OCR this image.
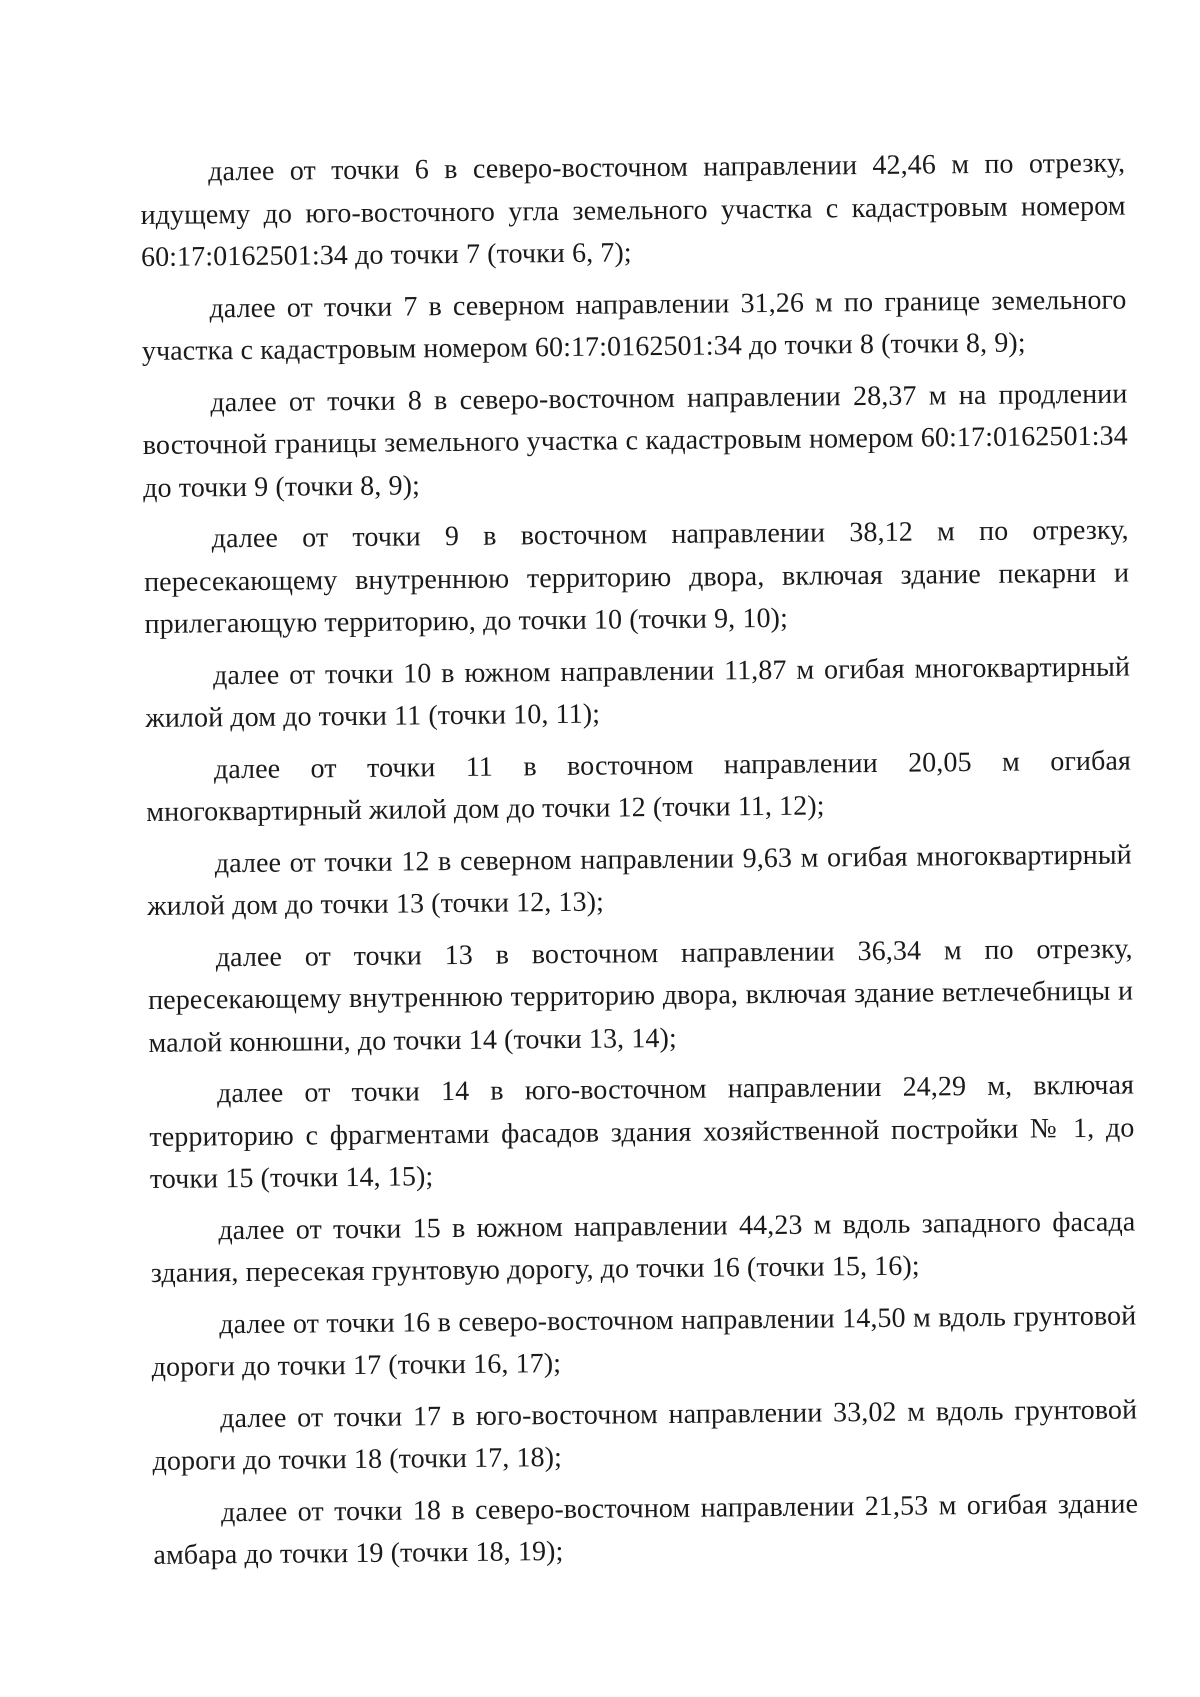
далее от точки 6 в северо-восточном направлении 42,46 м по отрезку, идущему до юго-восточного угла земельного участка с кадастровым номером 60:17:0162501:34 до точки 7 (точки 6, 7);

далее от точки 7 в северном направлении 31,26 м по границе земельного участка с кадастровым номером 60:17:0162501:34 до точки 8 (точки 8, 9);

далее от точки 8 в северо-восточном направлении 28,37 м на продлении восточной границы земельного участка с кадастровым номером 60:17:0162501:34 до точки 9 (точки 8, 9);

далее от точки 9 в восточном направлении 38,12 м по отрезку, пересекающему внутреннюю территорию двора, включая здание пекарни и прилегающую территорию, до точки 10 (точки 9, 10);

далее от точки 10 в южном направлении 11,87 м огибая многоквартирный жилой дом до точки 11 (точки 10, 11);

далее от точки 11 в восточном направлении 20,05 м огибая многоквартирный жилой дом до точки 12 (точки 11, 12);

далее от точки 12 в северном направлении 9,63 м огибая многоквартирный жилой дом до точки 13 (точки 12, 13);

далее от точки 13 в восточном направлении 36,34 м по отрезку, пересекающему внутреннюю территорию двора, включая здание ветлечебницы и малой конюшни, до точки 14 (точки 13, 14);

далее от точки 14 в юго-восточном направлении 24,29 м, включая территорию с фрагментами фасадов здания хозяйственной постройки № 1, до точки 15 (точки 14, 15);

далее от точки 15 в южном направлении 44,23 м вдоль западного фасада здания, пересекая грунтовую дорогу, до точки 16 (точки 15, 16);

далее от точки 16 в северо-восточном направлении 14,50 м вдоль грунтовой дороги до точки 17 (точки 16, 17);

далее от точки 17 в юго-восточном направлении 33,02 м вдоль грунтовой дороги до точки 18 (точки 17, 18);

далее от точки 18 в северо-восточном направлении 21,53 м огибая здание амбара до точки 19 (точки 18, 19);
